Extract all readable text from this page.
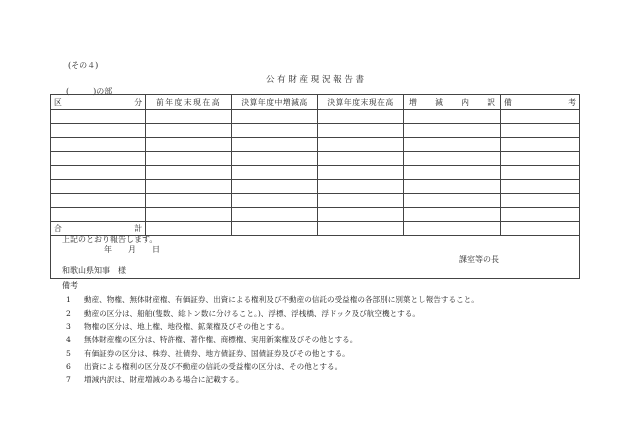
(その４)
公 有 財 産 現 況 報 告 書
(　　　)の部
区 分	前年度末現在高	決算年度中増減高	決算年度末現在高	増 減 内 訳	備 考

合 計					

上記のとおり報告します。
年　　月　　日
課室等の長
和歌山県知事　様
備考
1 動産、物権、無体財産権、有価証券、出資による権利及び不動産の信託の受益権の各部別に別葉とし報告すること。
2 動産の区分は、船舶(隻数、総トン数に分けること。)、浮標、浮桟橋、浮ドック及び航空機とする。
3 物権の区分は、地上権、地役権、鉱業権及びその他とする。
4 無体財産権の区分は、特許権、著作権、商標権、実用新案権及びその他とする。
5 有価証券の区分は、株券、社債券、地方債証券、国債証券及びその他とする。
6 出資による権利の区分及び不動産の信託の受益権の区分は、その他とする。
7 増減内訳は、財産増減のある場合に記載する。
